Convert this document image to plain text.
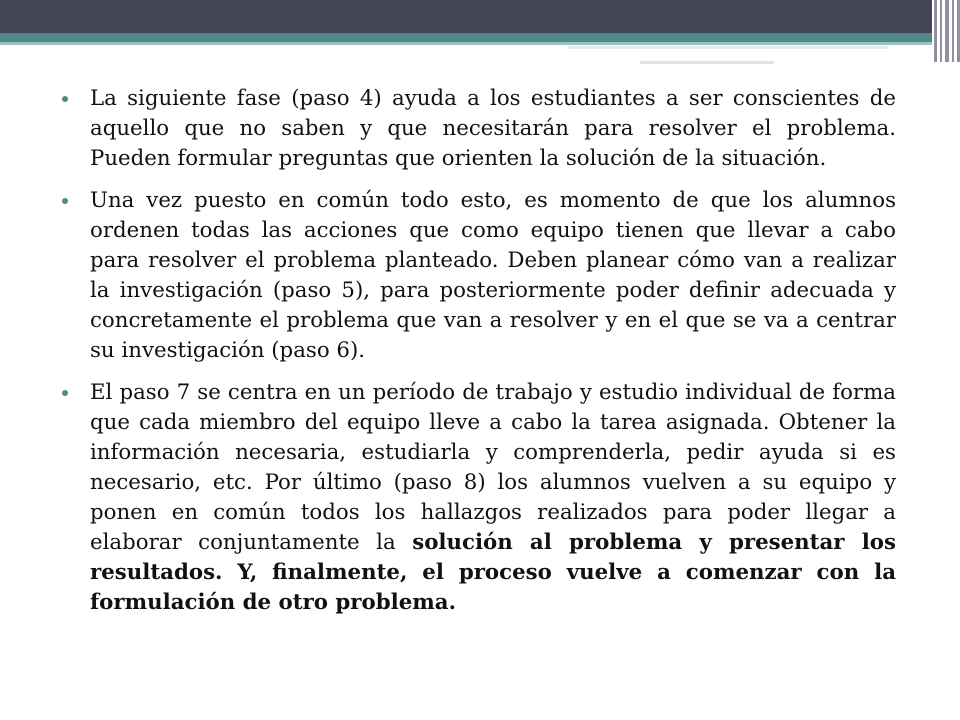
La siguiente fase (paso 4) ayuda a los estudiantes a ser conscientes de aquello que no saben y que necesitarán para resolver el problema. Pueden formular preguntas que orienten la solución de la situación.
Una vez puesto en común todo esto, es momento de que los alumnos ordenen todas las acciones que como equipo tienen que llevar a cabo para resolver el problema planteado. Deben planear cómo van a realizar la investigación (paso 5), para posteriormente poder definir adecuada y concretamente el problema que van a resolver y en el que se va a centrar su investigación (paso 6).
El paso 7 se centra en un período de trabajo y estudio individual de forma que cada miembro del equipo lleve a cabo la tarea asignada. Obtener la información necesaria, estudiarla y comprenderla, pedir ayuda si es necesario, etc. Por último (paso 8) los alumnos vuelven a su equipo y ponen en común todos los hallazgos realizados para poder llegar a elaborar conjuntamente la solución al problema y presentar los resultados. Y, finalmente, el proceso vuelve a comenzar con la formulación de otro problema.
